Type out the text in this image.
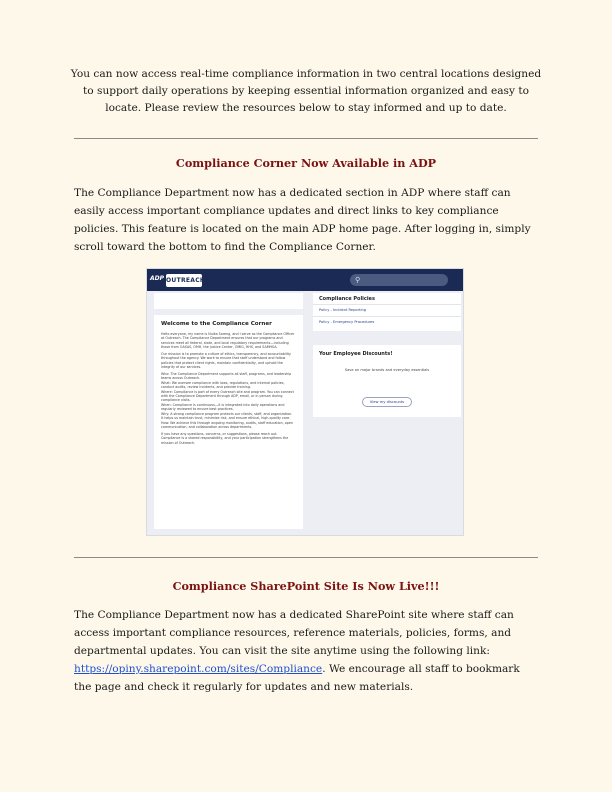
You can now access real-time compliance information in two central locations designed to support daily operations by keeping essential information organized and easy to locate. Please review the resources below to stay informed and up to date.
Compliance Corner Now Available in ADP
The Compliance Department now has a dedicated section in ADP where staff can easily access important compliance updates and direct links to key compliance policies. This feature is located on the main ADP home page. After logging in, simply scroll toward the bottom to find the Compliance Corner.
ADP OUTREACH	⚲
Welcome to the Compliance Corner

Hello everyone, my name is Nulka Soreng, and I serve as the Compliance Officer at Outreach. The Compliance Department ensures that our programs and services meet all federal, state, and local regulatory requirements—including those from OASAS, OMH, the Justice Center, OMIG, HHS, and SAMHSA.

Our mission is to promote a culture of ethics, transparency, and accountability throughout the agency. We work to ensure that staff understand and follow policies that protect client rights, maintain confidentiality, and uphold the integrity of our services.

Who: The Compliance Department supports all staff, programs, and leadership teams across Outreach.

What: We oversee compliance with laws, regulations, and internal policies, conduct audits, review incidents, and provide training.

Where: Compliance is part of every Outreach site and program. You can connect with the Compliance Department through ADP, email, or in person during compliance visits.

When: Compliance is continuous—it is integrated into daily operations and regularly reviewed to ensure best practices.

Why: A strong compliance program protects our clients, staff, and organization. It helps us maintain trust, minimize risk, and ensure ethical, high-quality care.

How: We achieve this through ongoing monitoring, audits, staff education, open communication, and collaboration across departments.

If you have any questions, concerns, or suggestions, please reach out. Compliance is a shared responsibility, and your participation strengthens the mission of Outreach.

Compliance Policies
Policy - Incident Reporting
Policy - Emergency Procedures
Your Employee Discounts!
Save on major brands and everyday essentials
View my discounts
Compliance SharePoint Site Is Now Live!!!
The Compliance Department now has a dedicated SharePoint site where staff can access important compliance resources, reference materials, policies, forms, and departmental updates. You can visit the site anytime using the following link: https://opiny.sharepoint.com/sites/Compliance. We encourage all staff to bookmark the page and check it regularly for updates and new materials.
